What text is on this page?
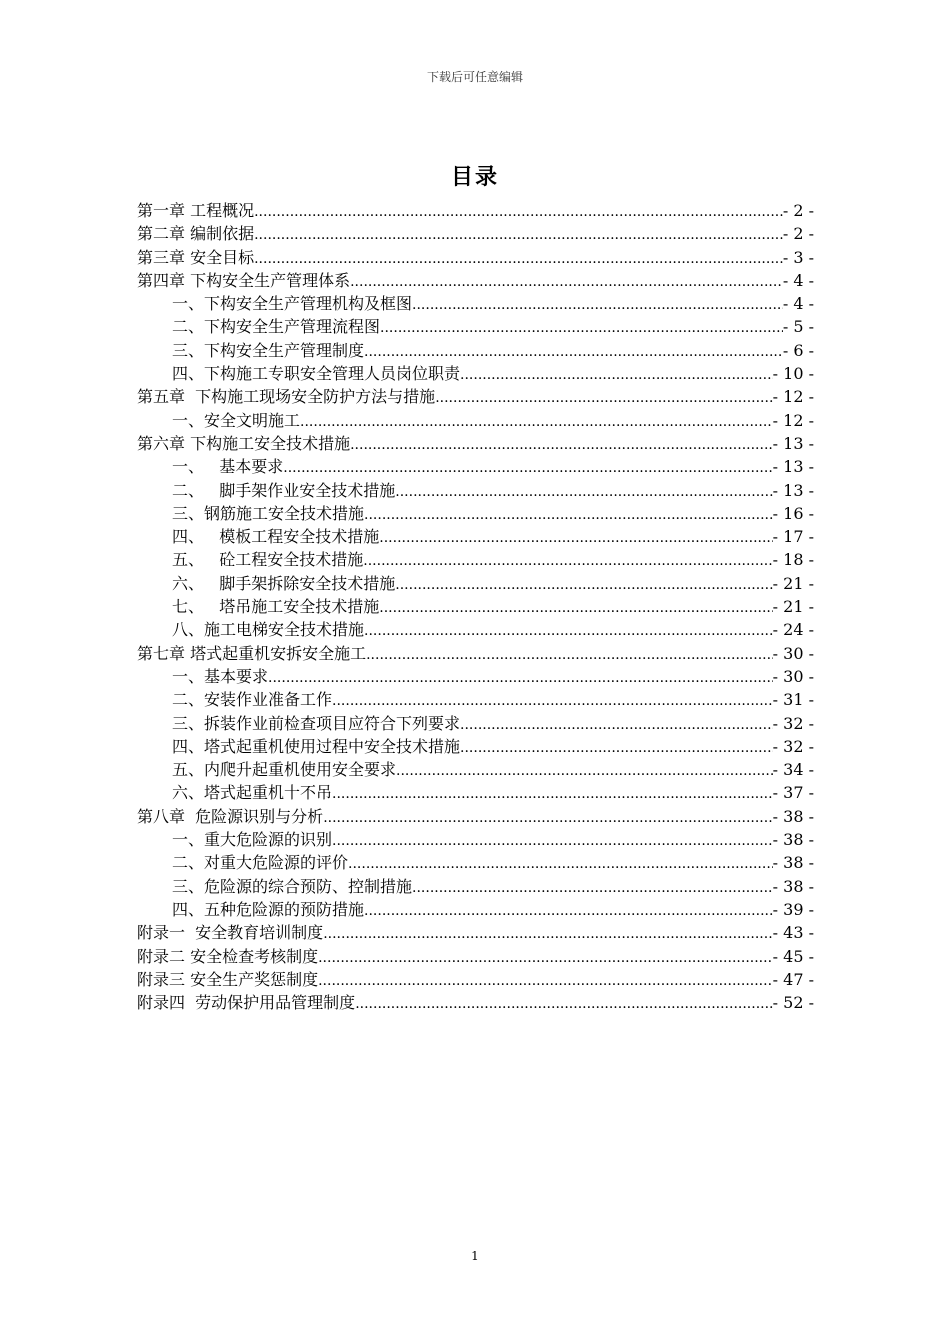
下载后可任意编辑
目录
第一章 工程概况 .....	- 2 -
第二章 编制依据 .....	- 2 -
第三章 安全目标 .....	- 3 -
第四章 下构安全生产管理体系 .....	- 4 -
一、下构安全生产管理机构及框图 .....	- 4 -
二、下构安全生产管理流程图 .....	- 5 -
三、下构安全生产管理制度 .....	- 6 -
四、下构施工专职安全管理人员岗位职责 .....	- 10 -
第五章  下构施工现场安全防护方法与措施 .....	- 12 -
一、安全文明施工 .....	- 12 -
第六章 下构施工安全技术措施 .....	- 13 -
一、   基本要求 .....	- 13 -
二、   脚手架作业安全技术措施 .....	- 13 -
三、钢筋施工安全技术措施 .....	- 16 -
四、   模板工程安全技术措施 .....	- 17 -
五、   砼工程安全技术措施 .....	- 18 -
六、   脚手架拆除安全技术措施 .....	- 21 -
七、   塔吊施工安全技术措施 .....	- 21 -
八、施工电梯安全技术措施 .....	- 24 -
第七章 塔式起重机安拆安全施工 .....	- 30 -
一、基本要求 .....	- 30 -
二、安装作业准备工作 .....	- 31 -
三、拆装作业前检查项目应符合下列要求 .....	- 32 -
四、塔式起重机使用过程中安全技术措施 .....	- 32 -
五、内爬升起重机使用安全要求 .....	- 34 -
六、塔式起重机十不吊 .....	- 37 -
第八章  危险源识别与分析 .....	- 38 -
一、重大危险源的识别 .....	- 38 -
二、对重大危险源的评价 .....	- 38 -
三、危险源的综合预防、控制措施 .....	- 38 -
四、五种危险源的预防措施 .....	- 39 -
附录一  安全教育培训制度 .....	- 43 -
附录二 安全检查考核制度 .....	- 45 -
附录三 安全生产奖惩制度 .....	- 47 -
附录四  劳动保护用品管理制度 .....	- 52 -
1
